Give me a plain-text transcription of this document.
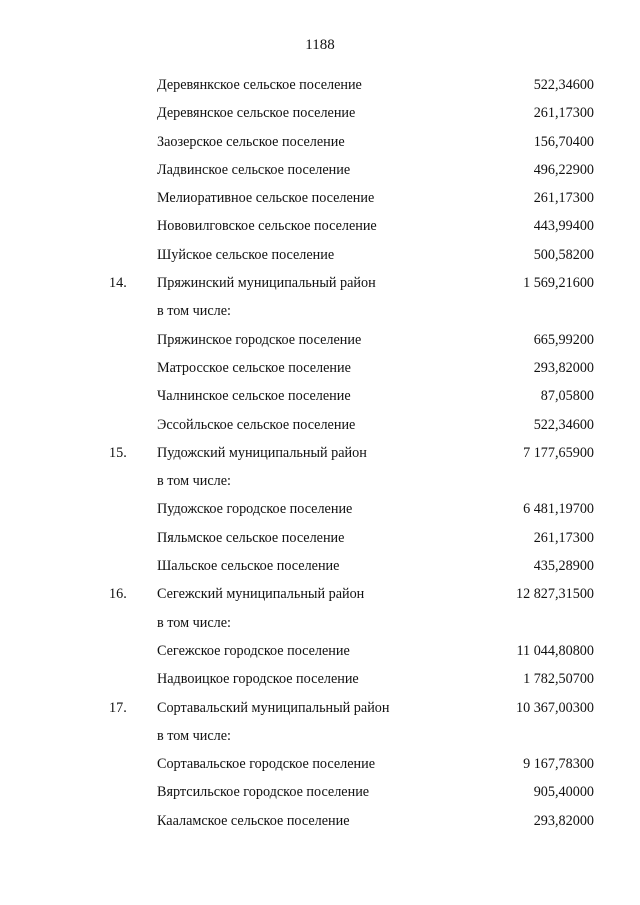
1188
Деревянкское сельское поселение	522,34600
Деревянское сельское поселение	261,17300
Заозерское сельское поселение	156,70400
Ладвинское сельское поселение	496,22900
Мелиоративное сельское поселение	261,17300
Нововилговское сельское поселение	443,99400
Шуйское сельское поселение	500,58200
14. Пряжинский муниципальный район	1 569,21600
в том числе:
Пряжинское городское поселение	665,99200
Матросское сельское поселение	293,82000
Чалнинское сельское поселение	87,05800
Эссойльское сельское поселение	522,34600
15. Пудожский муниципальный район	7 177,65900
в том числе:
Пудожское городское поселение	6 481,19700
Пяльмское сельское поселение	261,17300
Шальское сельское поселение	435,28900
16. Сегежский муниципальный район	12 827,31500
в том числе:
Сегежское городское поселение	11 044,80800
Надвоицкое городское поселение	1 782,50700
17. Сортавальский муниципальный район	10 367,00300
в том числе:
Сортавальское городское поселение	9 167,78300
Вяртсильское городское поселение	905,40000
Кааламское сельское поселение	293,82000
